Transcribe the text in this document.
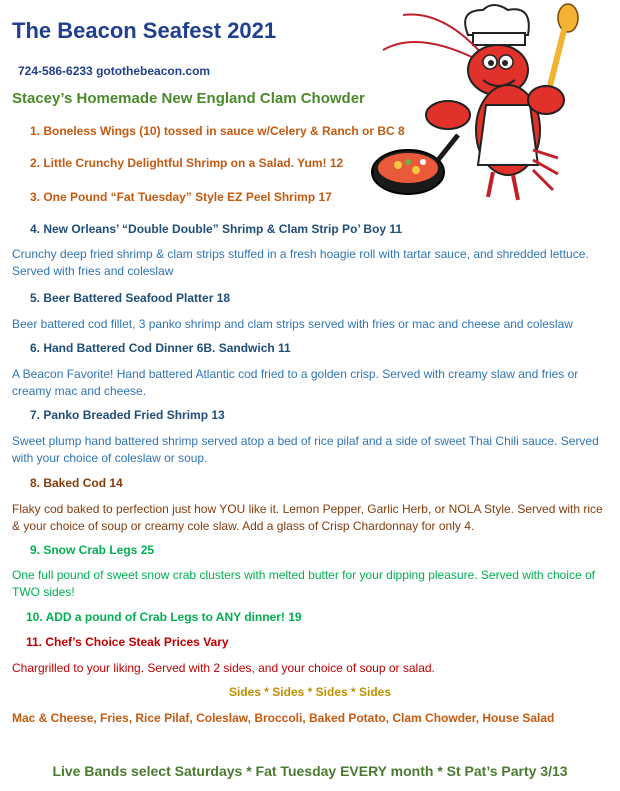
The Beacon Seafest 2021
724-586-6233 gotothebeacon.com
Stacey’s Homemade New England Clam Chowder
1. Boneless Wings (10) tossed in sauce w/Celery & Ranch or BC 8
2. Little Crunchy Delightful Shrimp on a Salad. Yum! 12
3. One Pound “Fat Tuesday” Style EZ Peel Shrimp 17
4. New Orleans’ “Double Double” Shrimp & Clam Strip Po’ Boy 11
Crunchy deep fried shrimp & clam strips stuffed in a fresh hoagie roll with tartar sauce, and shredded lettuce. Served with fries and coleslaw
5. Beer Battered Seafood Platter 18
Beer battered cod fillet, 3 panko shrimp and clam strips served with fries or mac and cheese and coleslaw
6. Hand Battered Cod Dinner 6B. Sandwich 11
A Beacon Favorite! Hand battered Atlantic cod fried to a golden crisp. Served with creamy slaw and fries or creamy mac and cheese.
7. Panko Breaded Fried Shrimp 13
Sweet plump hand battered shrimp served atop a bed of rice pilaf and a side of sweet Thai Chili sauce. Served with your choice of coleslaw or soup.
8. Baked Cod 14
Flaky cod baked to perfection just how YOU like it. Lemon Pepper, Garlic Herb, or NOLA Style. Served with rice & your choice of soup or creamy cole slaw. Add a glass of Crisp Chardonnay for only 4.
9. Snow Crab Legs 25
One full pound of sweet snow crab clusters with melted butter for your dipping pleasure. Served with choice of TWO sides!
10. ADD a pound of Crab Legs to ANY dinner! 19
11. Chef’s Choice Steak Prices Vary
Chargrilled to your liking. Served with 2 sides, and your choice of soup or salad.
Sides * Sides * Sides * Sides
Mac & Cheese, Fries, Rice Pilaf, Coleslaw, Broccoli, Baked Potato, Clam Chowder, House Salad
Live Bands select Saturdays * Fat Tuesday EVERY month * St Pat’s Party 3/13
